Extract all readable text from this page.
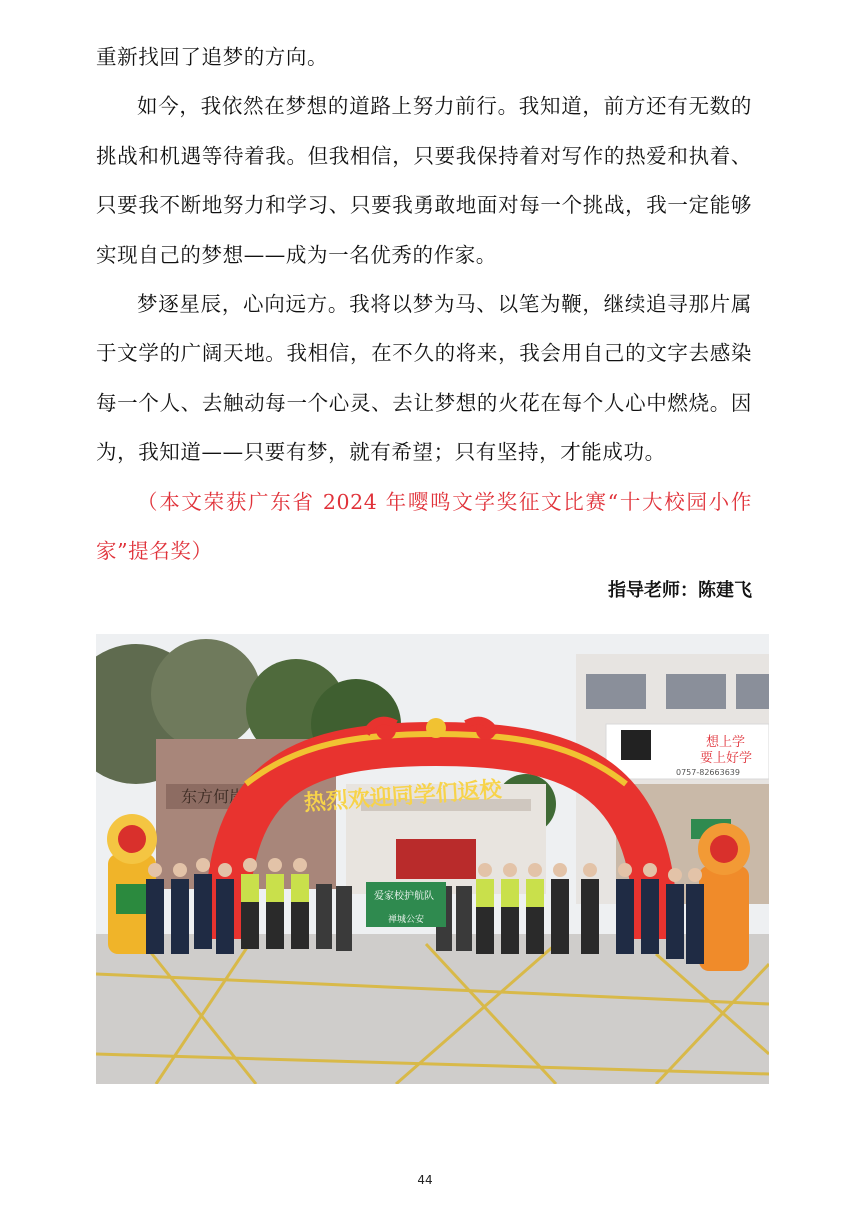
重新找回了追梦的方向。

如今，我依然在梦想的道路上努力前行。我知道，前方还有无数的挑战和机遇等待着我。但我相信，只要我保持着对写作的热爱和执着、只要我不断地努力和学习、只要我勇敢地面对每一个挑战，我一定能够实现自己的梦想——成为一名优秀的作家。

梦逐星辰，心向远方。我将以梦为马、以笔为鞭，继续追寻那片属于文学的广阔天地。我相信，在不久的将来，我会用自己的文字去感染每一个人、去触动每一个心灵、去让梦想的火花在每个人心中燃烧。因为，我知道——只要有梦，就有希望；只有坚持，才能成功。

（本文荣获广东省 2024 年嘤鸣文学奖征文比赛“十大校园小作家”提名奖）

指导老师：陈建飞
东方何岸
想上学
要上好学
0757-82663639
热烈欢迎同学们返校
爱家校护航队
禅城公安
44
